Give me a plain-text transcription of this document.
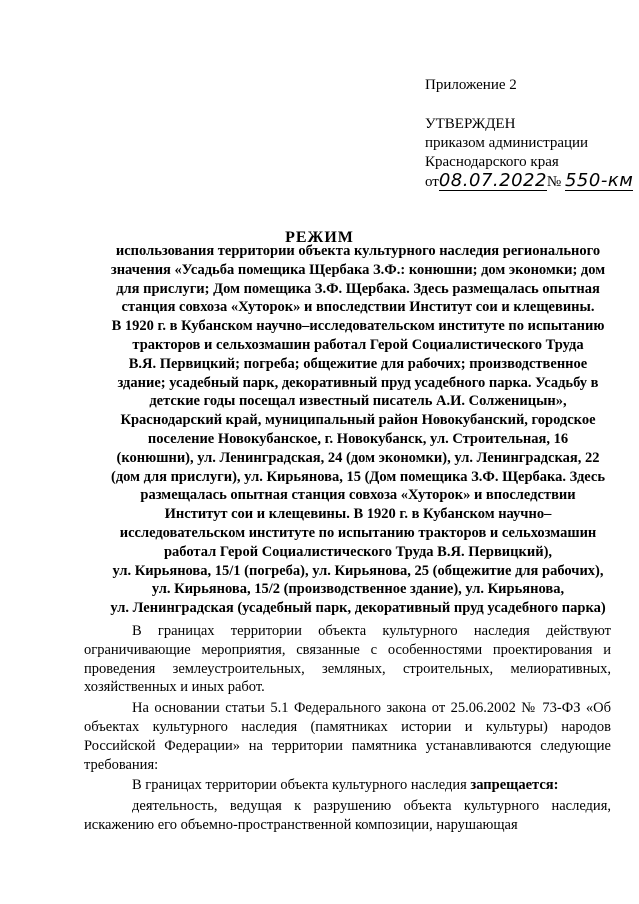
Приложение 2
УТВЕРЖДЕН
приказом администрации
Краснодарского края
от08.07.2022№ 550-км
РЕЖИМ
использования территории объекта культурного наследия регионального
значения «Усадьба помещика Щербака З.Ф.: конюшни; дом экономки; дом
для прислуги; Дом помещика З.Ф. Щербака. Здесь размещалась опытная
станция совхоза «Хуторок» и впоследствии Институт сои и клещевины.
В 1920 г. в Кубанском научно–исследовательском институте по испытанию
тракторов и сельхозмашин работал Герой Социалистического Труда
В.Я. Первицкий; погреба; общежитие для рабочих; производственное
здание; усадебный парк, декоративный пруд усадебного парка. Усадьбу в
детские годы посещал известный писатель А.И. Солженицын»,
Краснодарский край, муниципальный район Новокубанский, городское
поселение Новокубанское, г. Новокубанск, ул. Строительная, 16
(конюшни), ул. Ленинградская, 24 (дом экономки), ул. Ленинградская, 22
(дом для прислуги), ул. Кирьянова, 15 (Дом помещика З.Ф. Щербака. Здесь
размещалась опытная станция совхоза «Хуторок» и впоследствии
Институт сои и клещевины. В 1920 г. в Кубанском научно–
исследовательском институте по испытанию тракторов и сельхозмашин
работал Герой Социалистического Труда В.Я. Первицкий),
ул. Кирьянова, 15/1 (погреба), ул. Кирьянова, 25 (общежитие для рабочих),
ул. Кирьянова, 15/2 (производственное здание), ул. Кирьянова,
ул. Ленинградская (усадебный парк, декоративный пруд усадебного парка)

В границах территории объекта культурного наследия действуют ограничивающие мероприятия, связанные с особенностями проектирования и проведения землеустроительных, земляных, строительных, мелиоративных, хозяйственных и иных работ.

На основании статьи 5.1 Федерального закона от 25.06.2002 № 73-ФЗ «Об объектах культурного наследия (памятниках истории и культуры) народов Российской Федерации» на территории памятника устанавливаются следующие требования:

В границах территории объекта культурного наследия запрещается:

деятельность, ведущая к разрушению объекта культурного наследия, искажению его объемно-пространственной композиции, нарушающая
